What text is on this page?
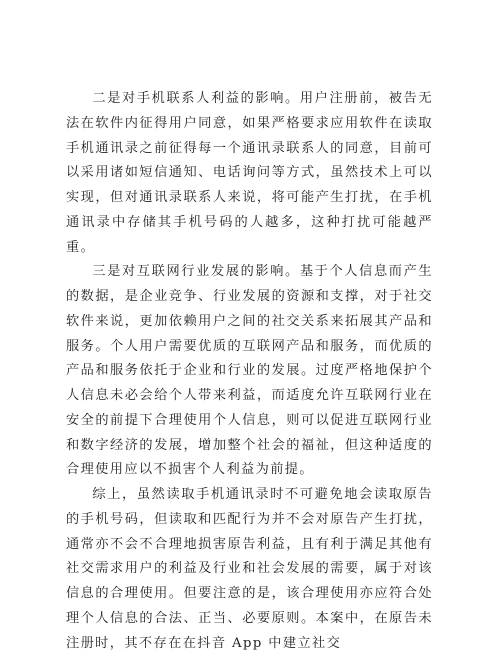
二是对手机联系人利益的影响。用户注册前，被告无法在软件内征得用户同意，如果严格要求应用软件在读取手机通讯录之前征得每一个通讯录联系人的同意，目前可以采用诸如短信通知、电话询问等方式，虽然技术上可以实现，但对通讯录联系人来说，将可能产生打扰，在手机通讯录中存储其手机号码的人越多，这种打扰可能越严重。

三是对互联网行业发展的影响。基于个人信息而产生的数据，是企业竞争、行业发展的资源和支撑，对于社交软件来说，更加依赖用户之间的社交关系来拓展其产品和服务。个人用户需要优质的互联网产品和服务，而优质的产品和服务依托于企业和行业的发展。过度严格地保护个人信息未必会给个人带来利益，而适度允许互联网行业在安全的前提下合理使用个人信息，则可以促进互联网行业和数字经济的发展，增加整个社会的福祉，但这种适度的合理使用应以不损害个人利益为前提。

综上，虽然读取手机通讯录时不可避免地会读取原告的手机号码，但读取和匹配行为并不会对原告产生打扰，通常亦不会不合理地损害原告利益，且有利于满足其他有社交需求用户的利益及行业和社会发展的需要，属于对该信息的合理使用。但要注意的是，该合理使用亦应符合处理个人信息的合法、正当、必要原则。本案中，在原告未注册时，其不存在在抖音 App 中建立社交
